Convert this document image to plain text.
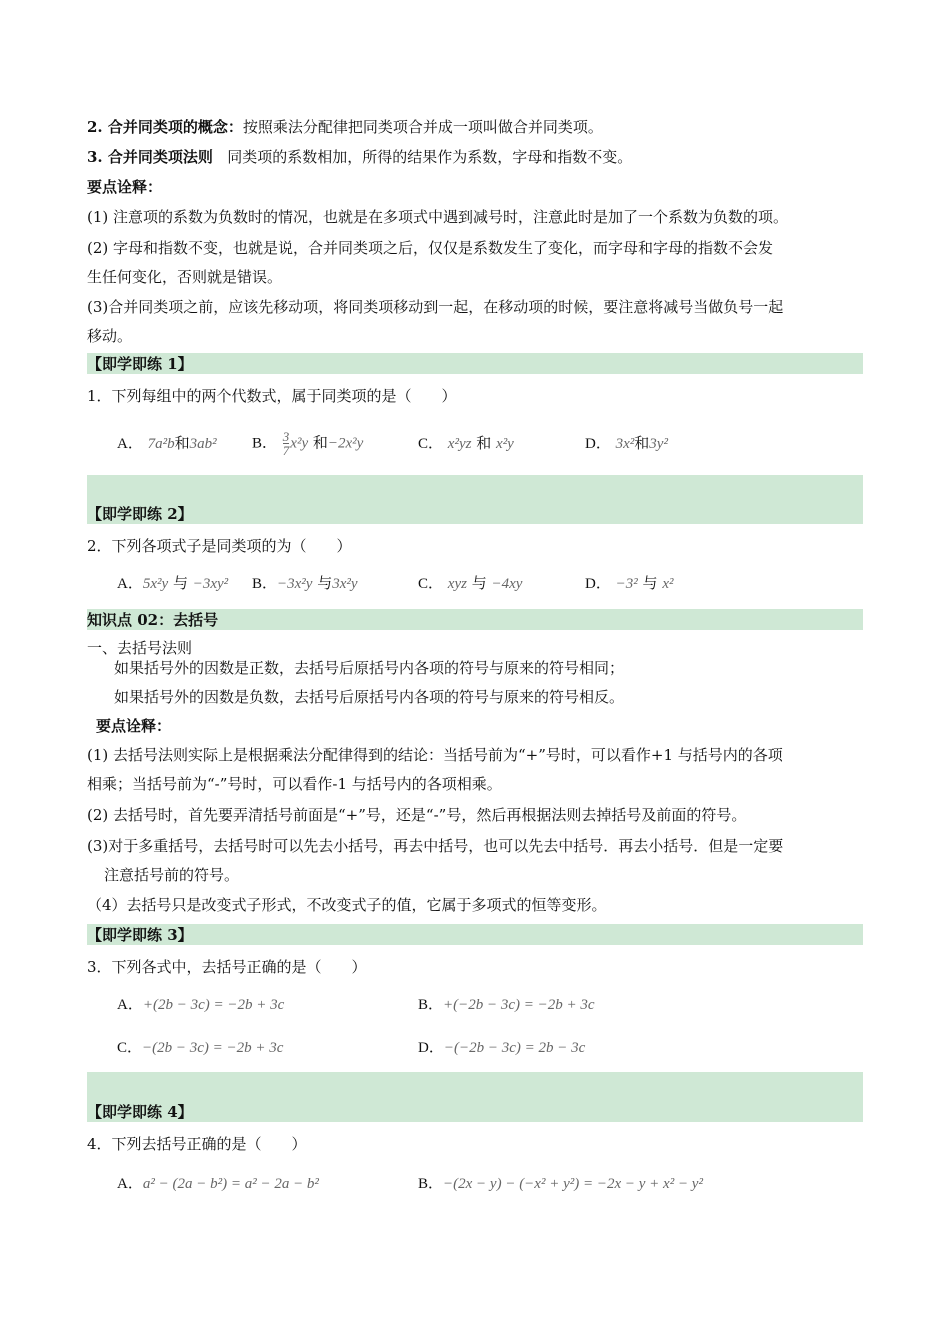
2. 合并同类项的概念：按照乘法分配律把同类项合并成一项叫做合并同类项。
3. 合并同类项法则 同类项的系数相加，所得的结果作为系数，字母和指数不变。
要点诠释：
(1) 注意项的系数为负数时的情况，也就是在多项式中遇到减号时，注意此时是加了一个系数为负数的项。
(2) 字母和指数不变，也就是说，合并同类项之后，仅仅是系数发生了变化，而字母和字母的指数不会发
生任何变化，否则就是错误。
(3)合并同类项之前，应该先移动项，将同类项移动到一起，在移动项的时候，要注意将减号当做负号一起
移动。
【即学即练 1】
1．下列每组中的两个代数式，属于同类项的是（　　）
A． 7a²b和3ab² B． $\frac{3}{7} x^2y$ 和−2x²y	C． x²yz 和 x²y	D． 3x²和3y²
【即学即练 2】
2．下列各项式子是同类项的为（　　）
A．5x²y 与 −3xy² B．−3x²y 与3x²y	C． xyz 与 −4xy	D． −3² 与 x²
知识点 02：去括号
一、去括号法则
如果括号外的因数是正数，去括号后原括号内各项的符号与原来的符号相同；
如果括号外的因数是负数，去括号后原括号内各项的符号与原来的符号相反。
要点诠释：
(1) 去括号法则实际上是根据乘法分配律得到的结论：当括号前为“+”号时，可以看作+1 与括号内的各项
相乘；当括号前为“-”号时，可以看作-1 与括号内的各项相乘。
(2) 去括号时，首先要弄清括号前面是“+”号，还是“-”号，然后再根据法则去掉括号及前面的符号。
(3)对于多重括号，去括号时可以先去小括号，再去中括号，也可以先去中括号．再去小括号．但是一定要
注意括号前的符号。
（4）去括号只是改变式子形式，不改变式子的值，它属于多项式的恒等变形。
【即学即练 3】
3．下列各式中，去括号正确的是（　　）
A．+(2b − 3c) = −2b + 3c	B．+(−2b − 3c) = −2b + 3c
C．−(2b − 3c) = −2b + 3c	D．−(−2b − 3c) = 2b − 3c
【即学即练 4】
4．下列去括号正确的是（　　）
A．a² − (2a − b²) = a² − 2a − b²	B．−(2x − y) − (−x² + y²) = −2x − y + x² − y²
